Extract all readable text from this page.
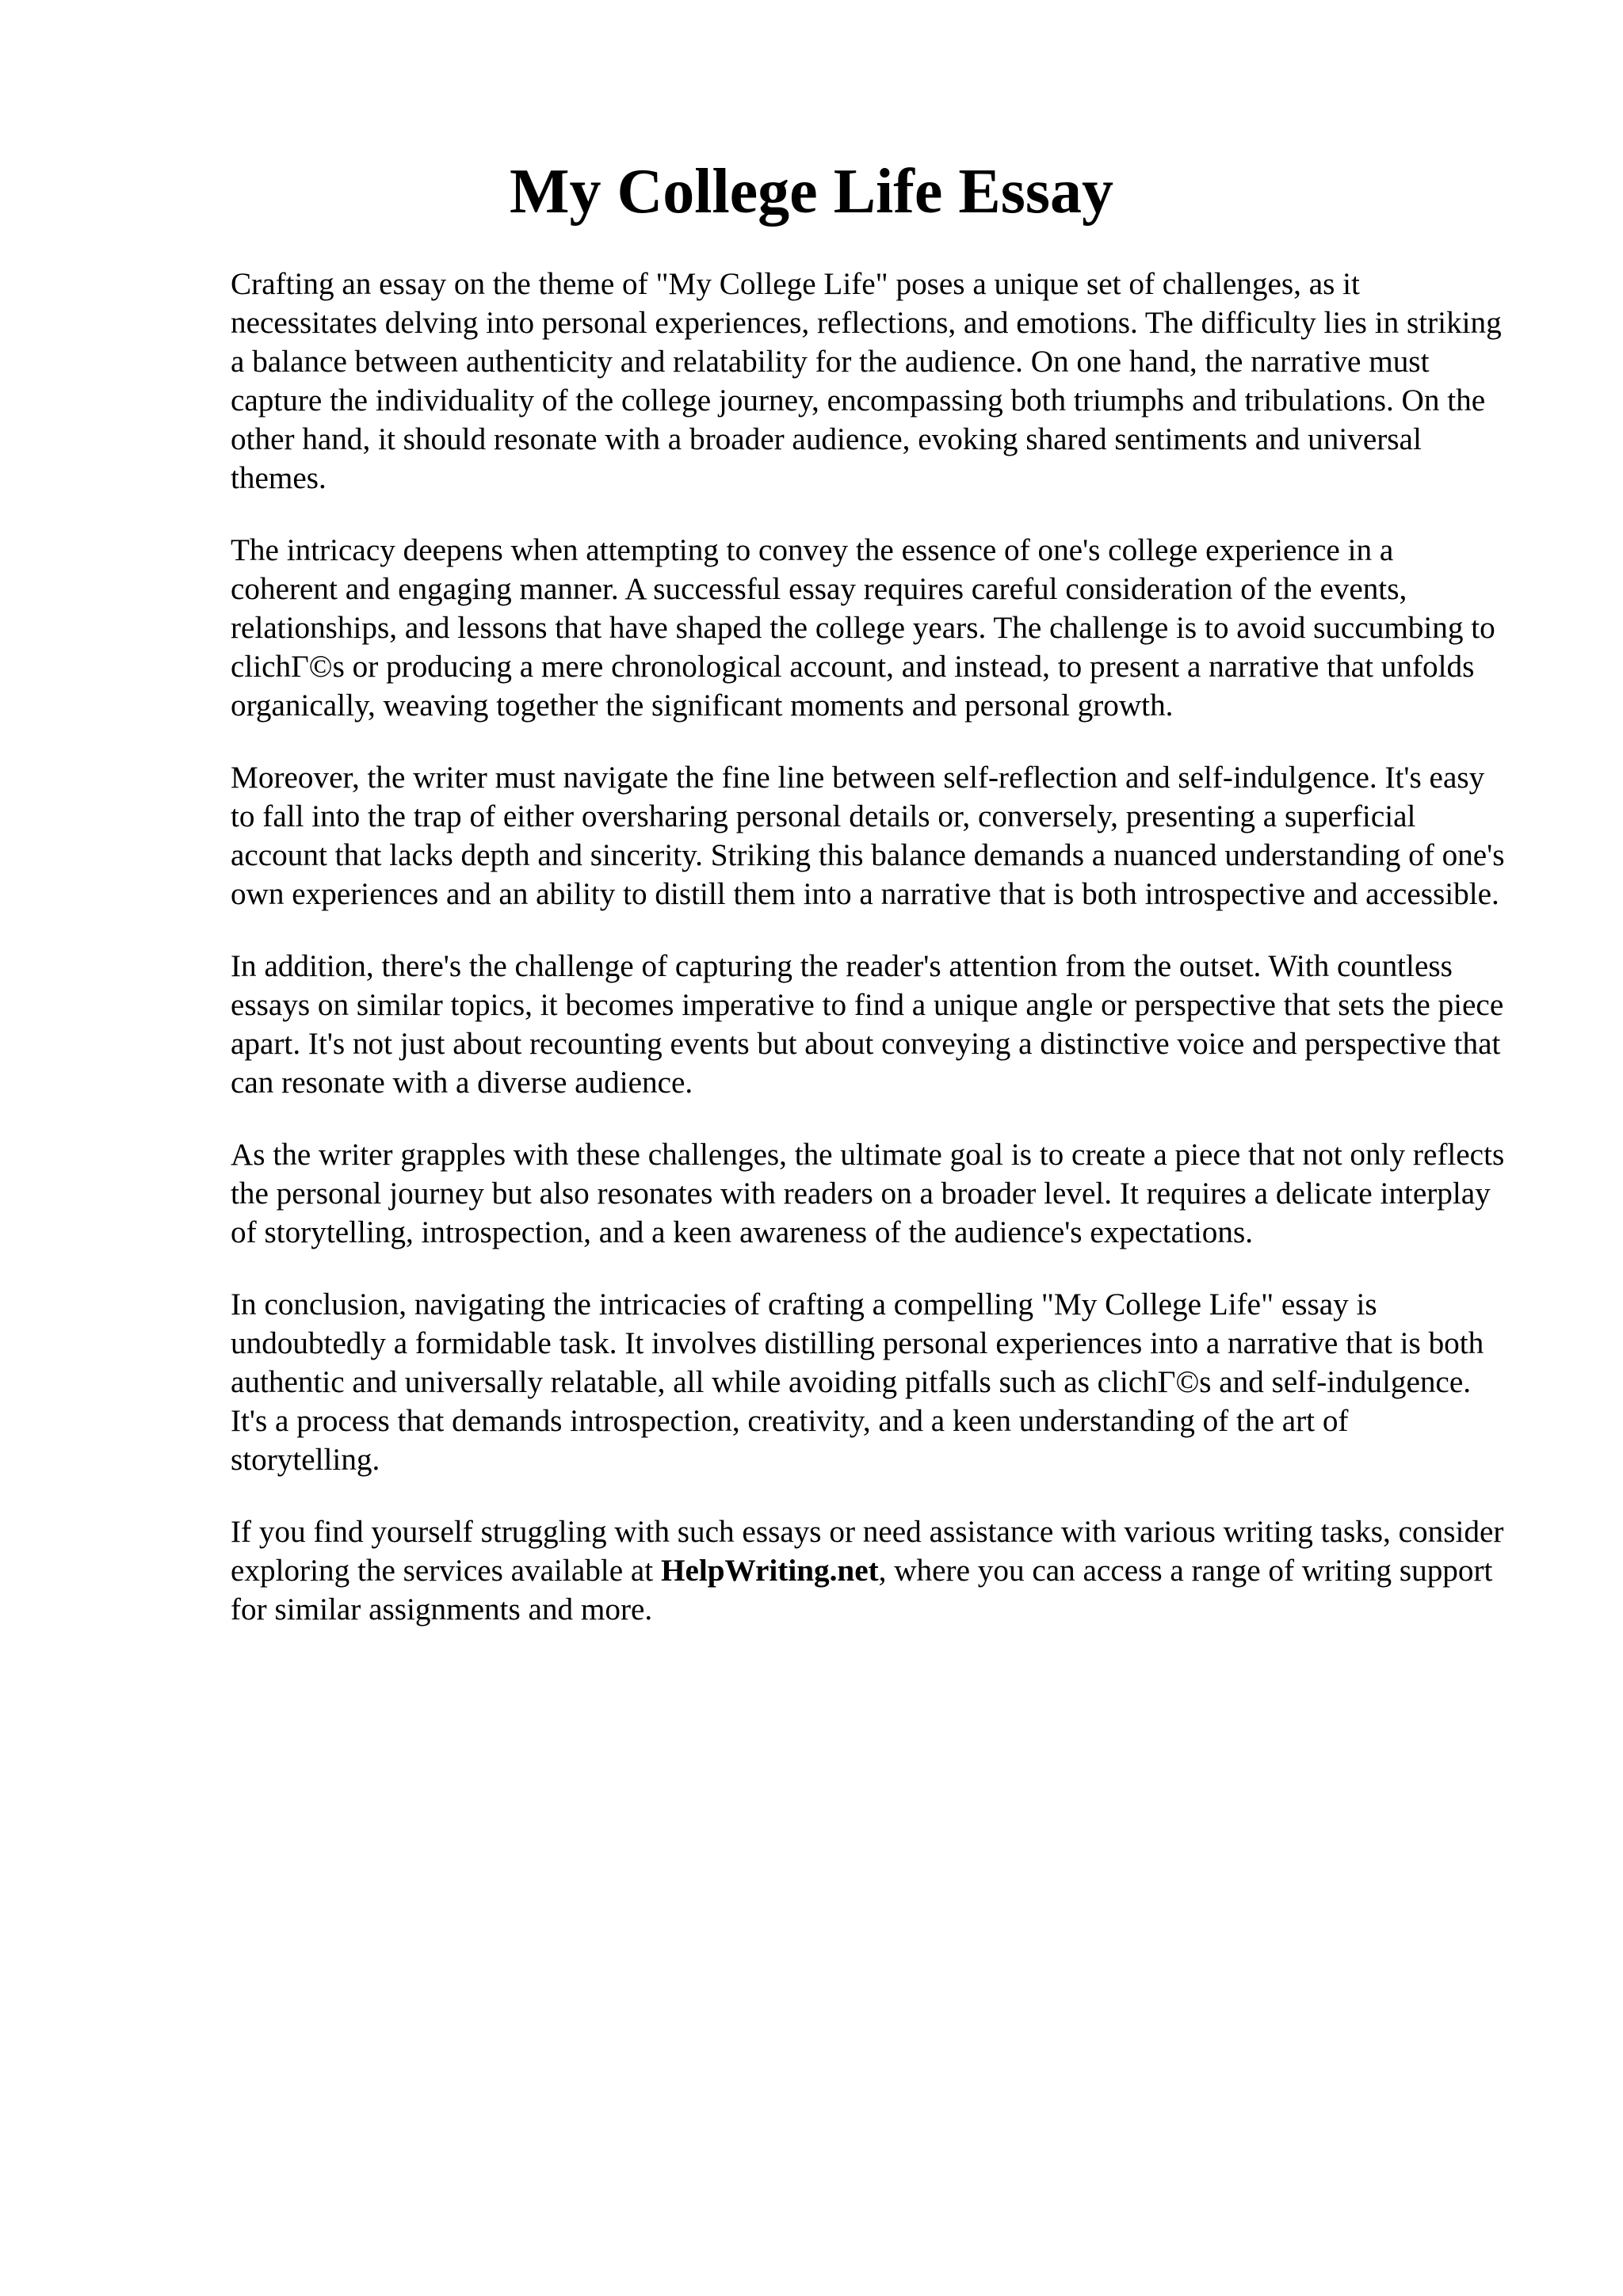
My College Life Essay

Crafting an essay on the theme of "My College Life" poses a unique set of challenges, as it necessitates delving into personal experiences, reflections, and emotions. The difficulty lies in striking a balance between authenticity and relatability for the audience. On one hand, the narrative must capture the individuality of the college journey, encompassing both triumphs and tribulations. On the other hand, it should resonate with a broader audience, evoking shared sentiments and universal themes.

The intricacy deepens when attempting to convey the essence of one's college experience in a coherent and engaging manner. A successful essay requires careful consideration of the events, relationships, and lessons that have shaped the college years. The challenge is to avoid succumbing to clichΓ©s or producing a mere chronological account, and instead, to present a narrative that unfolds organically, weaving together the significant moments and personal growth.

Moreover, the writer must navigate the fine line between self-reflection and self-indulgence. It's easy to fall into the trap of either oversharing personal details or, conversely, presenting a superficial account that lacks depth and sincerity. Striking this balance demands a nuanced understanding of one's own experiences and an ability to distill them into a narrative that is both introspective and accessible.

In addition, there's the challenge of capturing the reader's attention from the outset. With countless essays on similar topics, it becomes imperative to find a unique angle or perspective that sets the piece apart. It's not just about recounting events but about conveying a distinctive voice and perspective that can resonate with a diverse audience.

As the writer grapples with these challenges, the ultimate goal is to create a piece that not only reflects the personal journey but also resonates with readers on a broader level. It requires a delicate interplay of storytelling, introspection, and a keen awareness of the audience's expectations.

In conclusion, navigating the intricacies of crafting a compelling "My College Life" essay is undoubtedly a formidable task. It involves distilling personal experiences into a narrative that is both authentic and universally relatable, all while avoiding pitfalls such as clichΓ©s and self-indulgence. It's a process that demands introspection, creativity, and a keen understanding of the art of storytelling.

If you find yourself struggling with such essays or need assistance with various writing tasks, consider exploring the services available at HelpWriting.net, where you can access a range of writing support for similar assignments and more.
